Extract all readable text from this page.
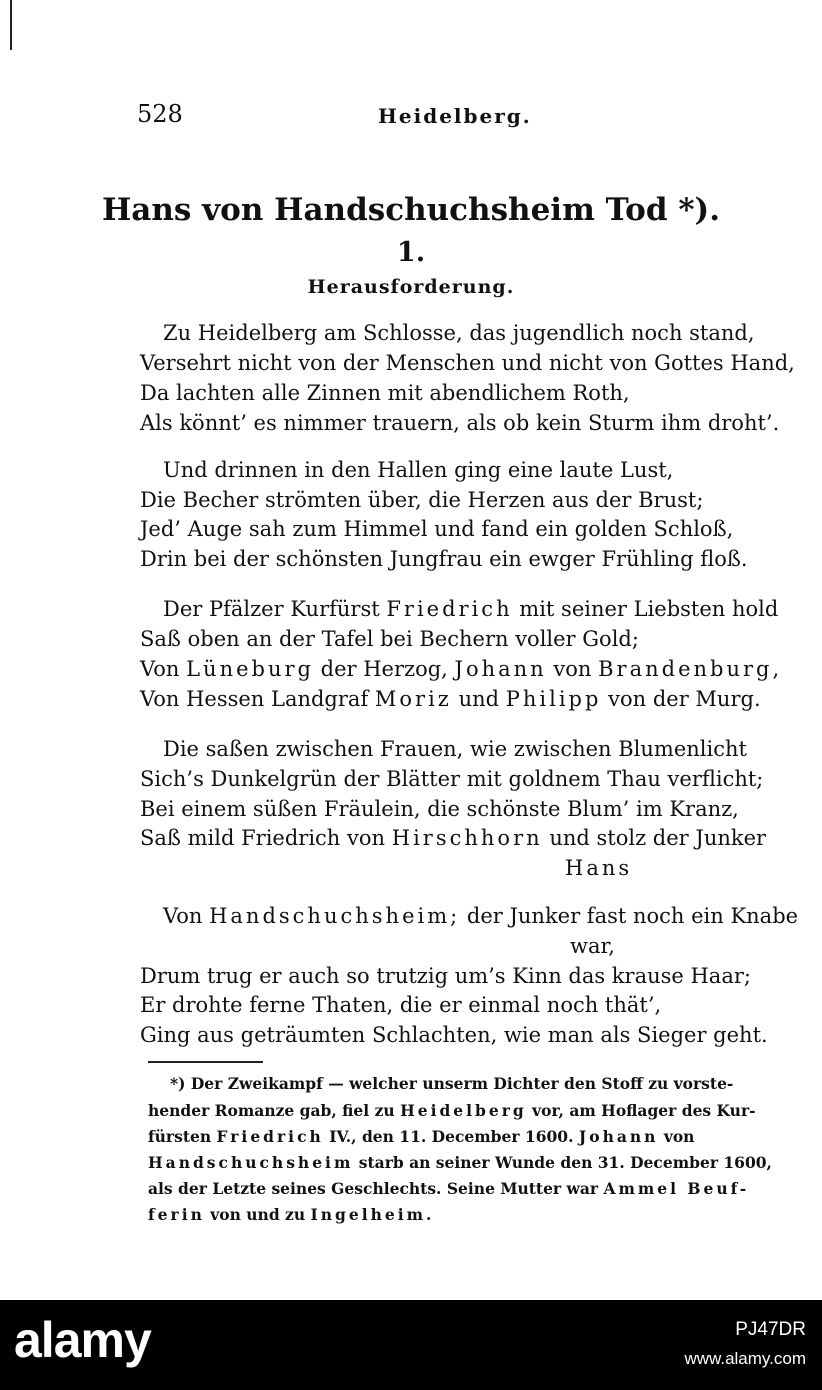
528	Heidelberg.
Hans von Handschuchsheim Tod *).
1.
Herausforderung.
Zu Heidelberg am Schlosse, das jugendlich noch stand,
Versehrt nicht von der Menschen und nicht von Gottes Hand,
Da lachten alle Zinnen mit abendlichem Roth,
Als könnt’ es nimmer trauern, als ob kein Sturm ihm droht’.
Und drinnen in den Hallen ging eine laute Lust,
Die Becher strömten über, die Herzen aus der Brust;
Jed’ Auge sah zum Himmel und fand ein golden Schloß,
Drin bei der schönsten Jungfrau ein ewger Frühling floß.
Der Pfälzer Kurfürst Friedrich mit seiner Liebsten hold
Saß oben an der Tafel bei Bechern voller Gold;
Von Lüneburg der Herzog, Johann von Brandenburg,
Von Hessen Landgraf Moriz und Philipp von der Murg.
Die saßen zwischen Frauen, wie zwischen Blumenlicht
Sich’s Dunkelgrün der Blätter mit goldnem Thau verflicht;
Bei einem süßen Fräulein, die schönste Blum’ im Kranz,
Saß mild Friedrich von Hirschhorn und stolz der Junker
Hans
Von Handschuchsheim; der Junker fast noch ein Knabe
war,
Drum trug er auch so trutzig um’s Kinn das krause Haar;
Er drohte ferne Thaten, die er einmal noch thät’,
Ging aus geträumten Schlachten, wie man als Sieger geht.
*) Der Zweikampf — welcher unserm Dichter den Stoff zu vorste-
hender Romanze gab, fiel zu Heidelberg vor, am Hoflager des Kur-
fürsten Friedrich IV., den 11. December 1600. Johann von
Handschuchsheim starb an seiner Wunde den 31. December 1600,
als der Letzte seines Geschlechts. Seine Mutter war Ammel Beuf-
ferin von und zu Ingelheim.
alamy	PJ47DR
www.alamy.com
